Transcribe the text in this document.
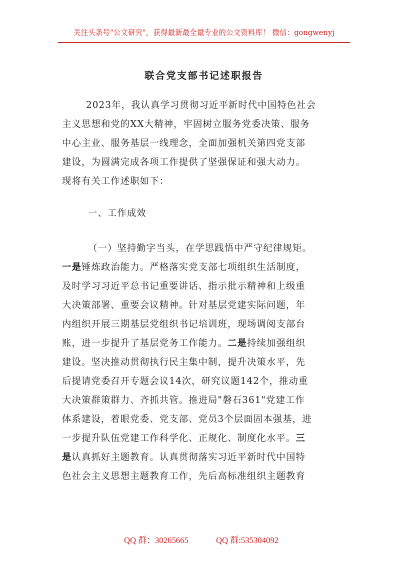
关注头条号"公文研究"，获得最新最全最专业的公文资料库！ 微信：gongwenyj
联合党支部书记述职报告
2023年，我认真学习贯彻习近平新时代中国特色社会
主义思想和党的XX大精神，牢固树立服务党委决策、服务
中心主业、服务基层一线理念，全面加强机关第四党支部
建设，为圆满完成各项工作提供了坚强保证和强大动力。
现将有关工作述职如下：
一、工作成效
（一）坚持勤字当头，在学思践悟中严守纪律规矩。
一是锤炼政治能力。严格落实党支部七项组织生活制度，
及时学习习近平总书记重要讲话、指示批示精神和上级重
大决策部署、重要会议精神。针对基层党建实际问题，年
内组织开展三期基层党组织书记培训班，现场调阅支部台
账，进一步提升了基层党务工作能力。二是持续加强组织
建设。坚决推动贯彻执行民主集中制，提升决策水平，先
后提请党委召开专题会议14次，研究议题142个，推动重
大决策群策群力、齐抓共管。推进局"磐石361"党建工作
体系建设，着眼党委、党支部、党员3个层面固本强基，进
一步提升队伍党建工作科学化、正规化、制度化水平。三
是认真抓好主题教育。认真贯彻落实习近平新时代中国特
色社会主义思想主题教育工作，先后高标准组织主题教育
QQ 群：30265665	QQ 群:535304092
